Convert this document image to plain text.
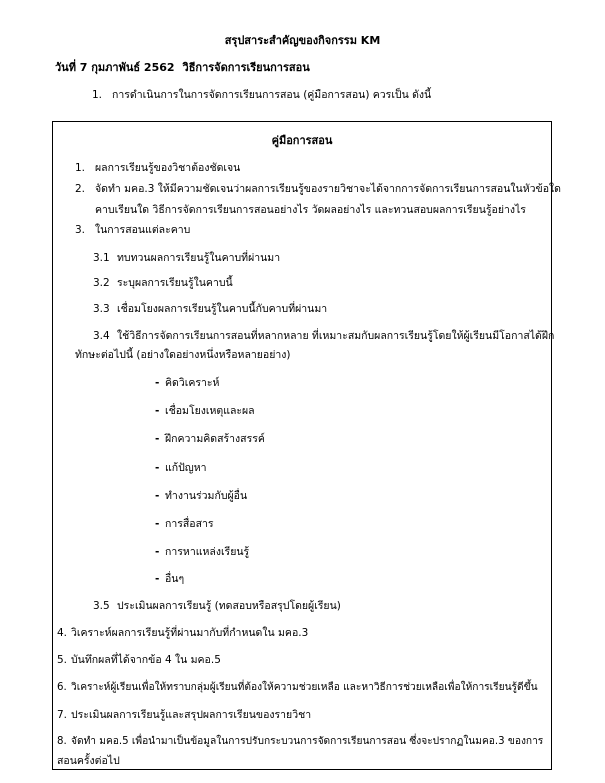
สรุปสาระสำคัญของกิจกรรม KM
วันที่ 7 กุมภาพันธ์ 2562 วิธีการจัดการเรียนการสอน
1. การดำเนินการในการจัดการเรียนการสอน (คู่มือการสอน) ควรเป็น ดังนี้
คู่มือการสอน
1. ผลการเรียนรู้ของวิชาต้องชัดเจน
2. จัดทำ มคอ.3 ให้มีความชัดเจนว่าผลการเรียนรู้ของรายวิชาจะได้จากการจัดการเรียนการสอนในหัวข้อใด
คาบเรียนใด วิธีการจัดการเรียนการสอนอย่างไร วัดผลอย่างไร และทวนสอบผลการเรียนรู้อย่างไร
3. ในการสอนแต่ละคาบ
3.1 ทบทวนผลการเรียนรู้ในคาบที่ผ่านมา
3.2 ระบุผลการเรียนรู้ในคาบนี้
3.3 เชื่อมโยงผลการเรียนรู้ในคาบนี้กับคาบที่ผ่านมา
3.4 ใช้วิธีการจัดการเรียนการสอนที่หลากหลาย ที่เหมาะสมกับผลการเรียนรู้โดยให้ผู้เรียนมีโอกาสได้ฝึก
ทักษะต่อไปนี้ (อย่างใดอย่างหนึ่งหรือหลายอย่าง)
- คิดวิเคราะห์
- เชื่อมโยงเหตุและผล
- ฝึกความคิดสร้างสรรค์
- แก้ปัญหา
- ทำงานร่วมกับผู้อื่น
- การสื่อสาร
- การหาแหล่งเรียนรู้
- อื่นๆ
3.5 ประเมินผลการเรียนรู้ (ทดสอบหรือสรุปโดยผู้เรียน)
4. วิเคราะห์ผลการเรียนรู้ที่ผ่านมากับที่กำหนดใน มคอ.3
5. บันทึกผลที่ได้จากข้อ 4 ใน มคอ.5
6. วิเคราะห์ผู้เรียนเพื่อให้ทราบกลุ่มผู้เรียนที่ต้องให้ความช่วยเหลือ และหาวิธีการช่วยเหลือเพื่อให้การเรียนรู้ดีขึ้น
7. ประเมินผลการเรียนรู้และสรุปผลการเรียนของรายวิชา
8. จัดทำ มคอ.5 เพื่อนำมาเป็นข้อมูลในการปรับกระบวนการจัดการเรียนการสอน ซึ่งจะปรากฏในมคอ.3 ของการ
สอนครั้งต่อไป
